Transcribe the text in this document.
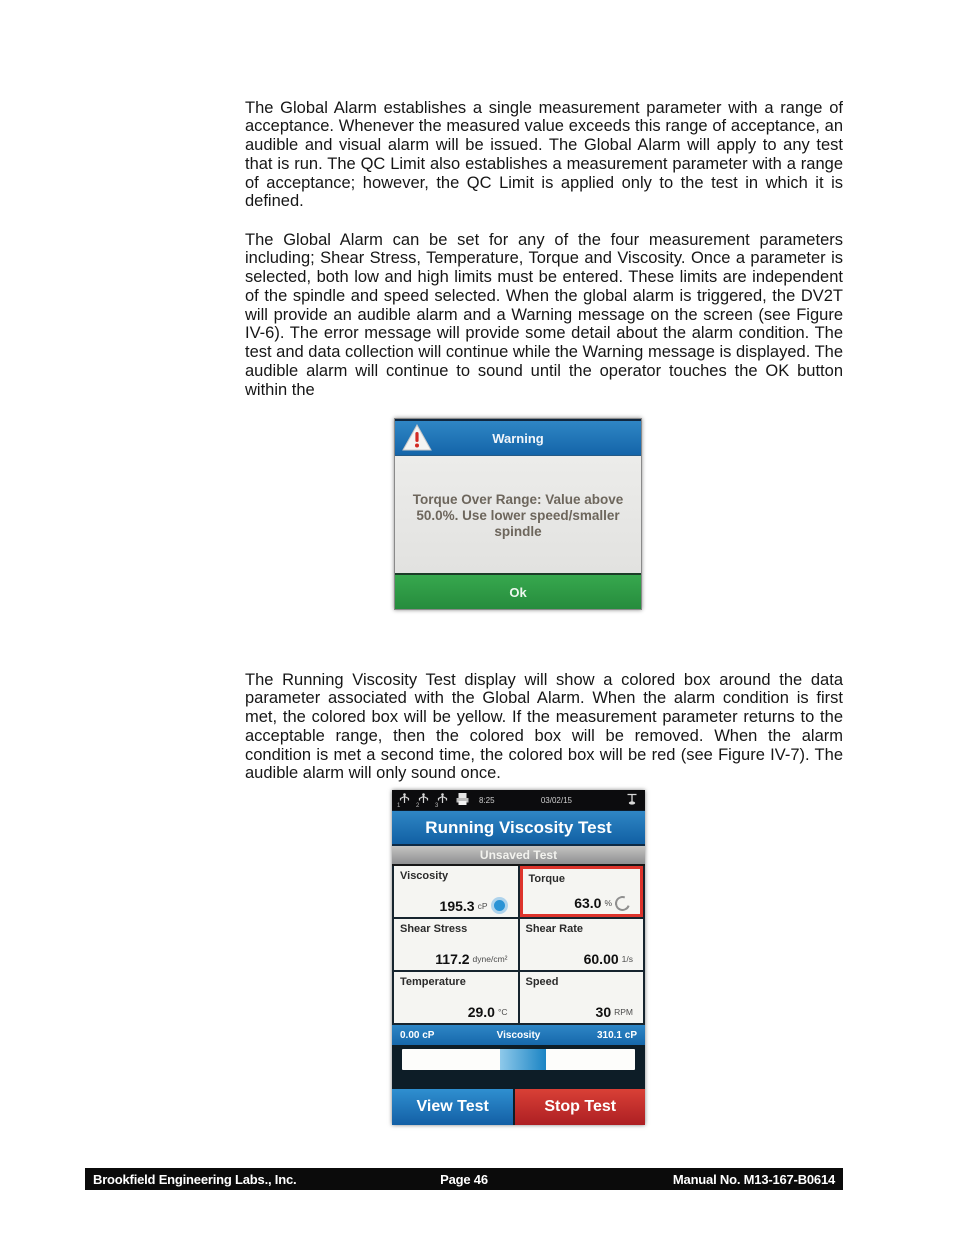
The Global Alarm establishes a single measurement parameter with a range of acceptance. Whenever the measured value exceeds this range of acceptance, an audible and visual alarm will be issued. The Global Alarm will apply to any test that is run. The QC Limit also establishes a measurement parameter with a range of acceptance; however, the QC Limit is applied only to the test in which it is defined.

The Global Alarm can be set for any of the four measurement parameters including; Shear Stress, Temperature, Torque and Viscosity. Once a parameter is selected, both low and high limits must be entered. These limits are independent of the spindle and speed selected. When the global alarm is triggered, the DV2T will provide an audible alarm and a Warning message on the screen (see Figure IV-6). The error message will provide some detail about the alarm condition. The test and data collection will continue while the Warning message is displayed. The audible alarm will continue to sound until the operator touches the OK button within the

The Running Viscosity Test display will show a colored box around the data parameter associated with the Global Alarm. When the alarm condition is first met, the colored box will be yellow. If the measurement parameter returns to the acceptable range, then the colored box will be removed. When the alarm condition is met a second time, the colored box will be red (see Figure IV-7). The audible alarm will only sound once.

Warning
Torque Over Range: Value above 50.0%. Use lower speed/smaller spindle
Ok
1	2	3
8:25	03/02/15
Running Viscosity Test
Unsaved Test
Viscosity
195.3 cP
Torque
63.0 %
Shear Stress
117.2 dyne/cm²
Shear Rate
60.00 1/s
Temperature
29.0 °C
Speed
30 RPM
0.00 cP	Viscosity	310.1 cP
View Test	Stop Test
Brookfield Engineering Labs., Inc.	Page 46	Manual No. M13-167-B0614
